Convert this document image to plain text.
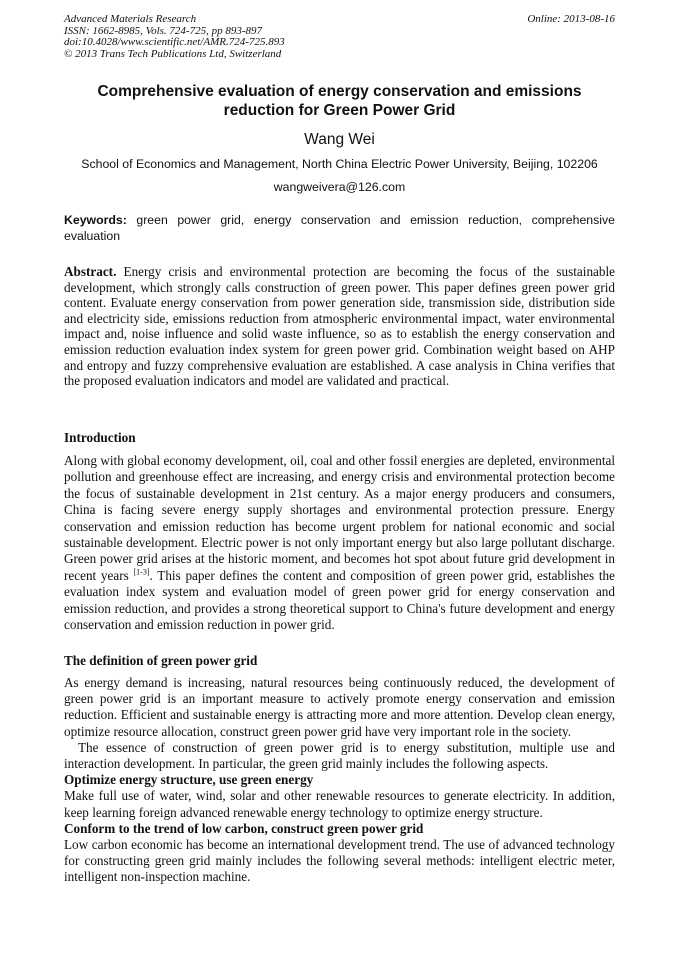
Advanced Materials Research
ISSN: 1662-8985, Vols. 724-725, pp 893-897
doi:10.4028/www.scientific.net/AMR.724-725.893
© 2013 Trans Tech Publications Ltd, Switzerland
Online: 2013-08-16
Comprehensive evaluation of energy conservation and emissions reduction for Green Power Grid
Wang Wei
School of Economics and Management, North China Electric Power University, Beijing, 102206
wangweivera@126.com
Keywords: green power grid, energy conservation and emission reduction, comprehensive evaluation
Abstract. Energy crisis and environmental protection are becoming the focus of the sustainable development, which strongly calls construction of green power. This paper defines green power grid content. Evaluate energy conservation from power generation side, transmission side, distribution side and electricity side, emissions reduction from atmospheric environmental impact, water environmental impact and, noise influence and solid waste influence, so as to establish the energy conservation and emission reduction evaluation index system for green power grid. Combination weight based on AHP and entropy and fuzzy comprehensive evaluation are established. A case analysis in China verifies that the proposed evaluation indicators and model are validated and practical.
Introduction
Along with global economy development, oil, coal and other fossil energies are depleted, environmental pollution and greenhouse effect are increasing, and energy crisis and environmental protection become the focus of sustainable development in 21st century. As a major energy producers and consumers, China is facing severe energy supply shortages and environmental protection pressure. Energy conservation and emission reduction has become urgent problem for national economic and social sustainable development. Electric power is not only important energy but also large pollutant discharge. Green power grid arises at the historic moment, and becomes hot spot about future grid development in recent years [1-3]. This paper defines the content and composition of green power grid, establishes the evaluation index system and evaluation model of green power grid for energy conservation and emission reduction, and provides a strong theoretical support to China's future development and energy conservation and emission reduction in power grid.
The definition of green power grid

As energy demand is increasing, natural resources being continuously reduced, the development of green power grid is an important measure to actively promote energy conservation and emission reduction. Efficient and sustainable energy is attracting more and more attention. Develop clean energy, optimize resource allocation, construct green power grid have very important role in the society.

The essence of construction of green power grid is to energy substitution, multiple use and interaction development. In particular, the green grid mainly includes the following aspects.

Optimize energy structure, use green energy

Make full use of water, wind, solar and other renewable resources to generate electricity. In addition, keep learning foreign advanced renewable energy technology to optimize energy structure.

Conform to the trend of low carbon, construct green power grid

Low carbon economic has become an international development trend. The use of advanced technology for constructing green grid mainly includes the following several methods: intelligent electric meter, intelligent non-inspection machine.
